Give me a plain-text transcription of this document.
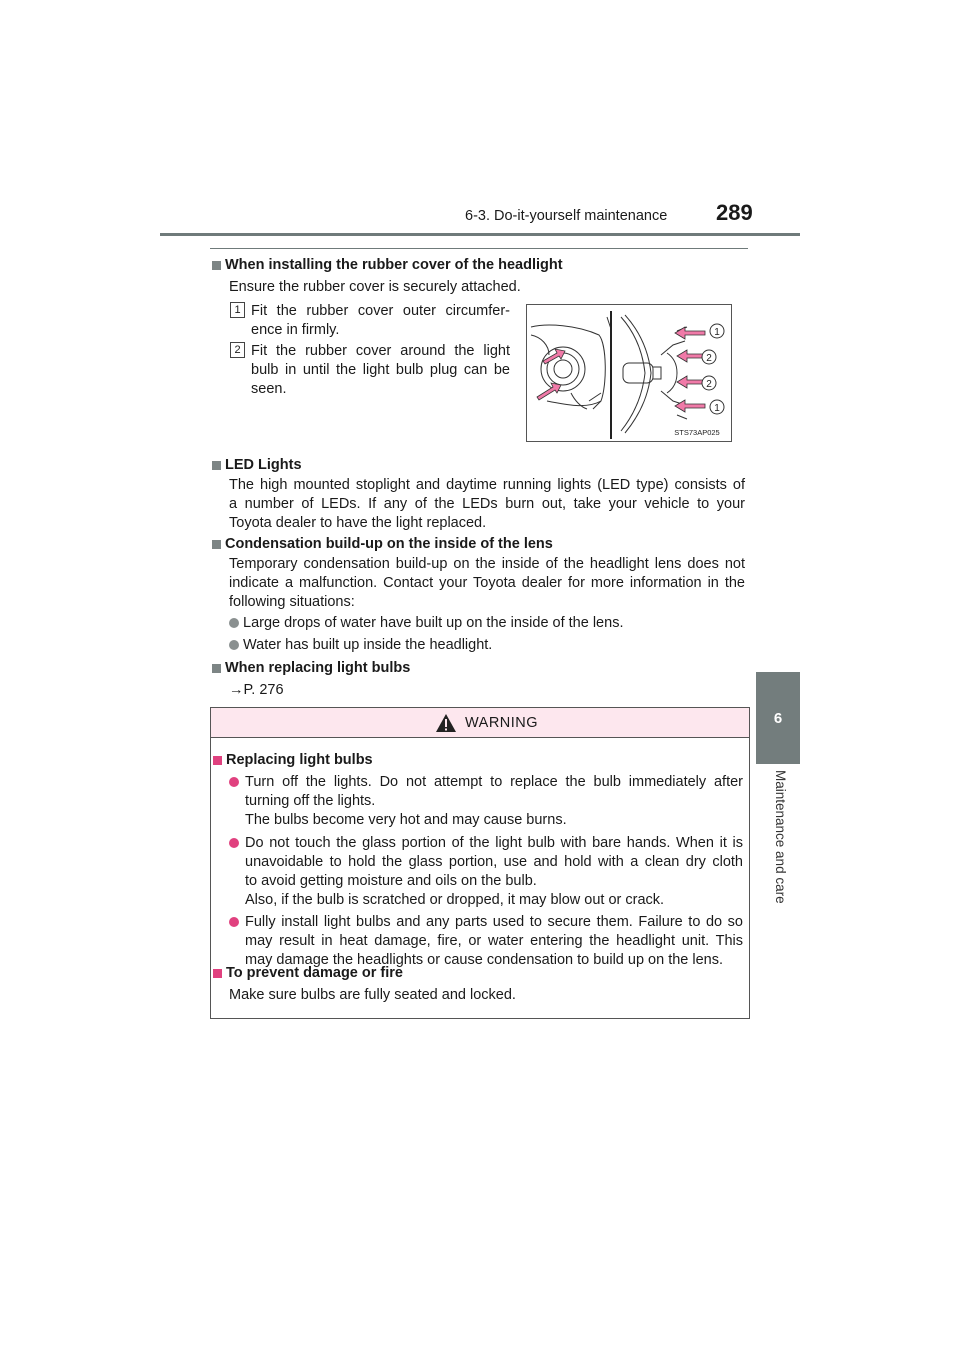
6-3. Do-it-yourself maintenance 289
6
Maintenance and care
When installing the rubber cover of the headlight
Ensure the rubber cover is securely attached.
1 Fit the rubber cover outer circumfer-
ence in firmly.
2 Fit the rubber cover around the light
bulb in until the light bulb plug can be
seen.
1
2
2
1
STS73AP025
LED Lights
The high mounted stoplight and daytime running lights (LED type) consists of
a number of LEDs. If any of the LEDs burn out, take your vehicle to your
Toyota dealer to have the light replaced.
Condensation build-up on the inside of the lens
Temporary condensation build-up on the inside of the headlight lens does not
indicate a malfunction. Contact your Toyota dealer for more information in the
following situations:
Large drops of water have built up on the inside of the lens.
Water has built up inside the headlight.
When replacing light bulbs
→P. 276
WARNING
Replacing light bulbs
Turn off the lights. Do not attempt to replace the bulb immediately after
turning off the lights.
The bulbs become very hot and may cause burns.
Do not touch the glass portion of the light bulb with bare hands. When it is
unavoidable to hold the glass portion, use and hold with a clean dry cloth
to avoid getting moisture and oils on the bulb.
Also, if the bulb is scratched or dropped, it may blow out or crack.
Fully install light bulbs and any parts used to secure them. Failure to do so
may result in heat damage, fire, or water entering the headlight unit. This
may damage the headlights or cause condensation to build up on the lens.
To prevent damage or fire
Make sure bulbs are fully seated and locked.
